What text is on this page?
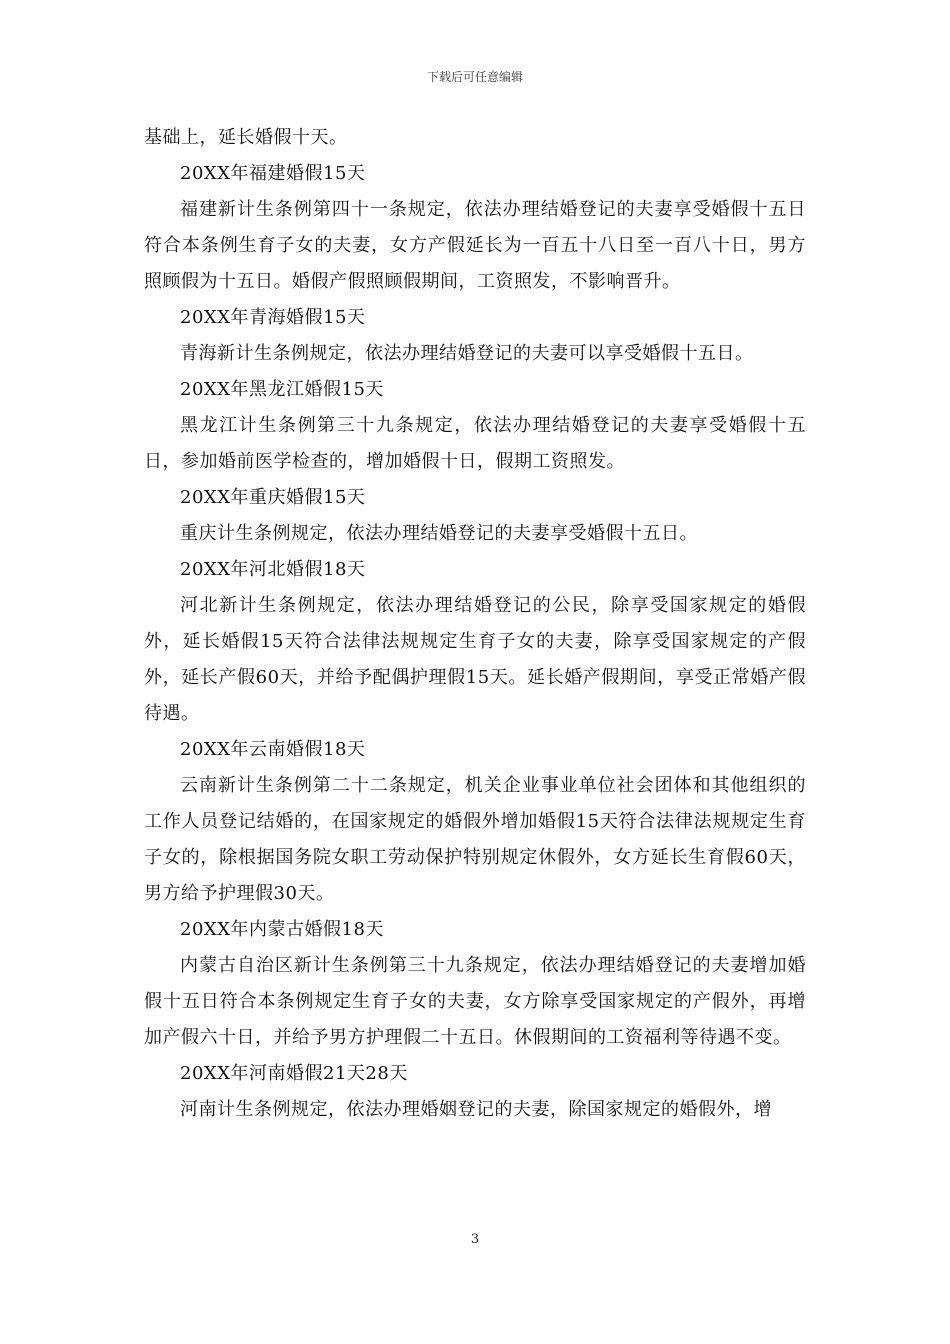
下载后可任意编辑

基础上，延长婚假十天。

20XX年福建婚假15天

福建新计生条例第四十一条规定，依法办理结婚登记的夫妻享受婚假十五日符合本条例生育子女的夫妻，女方产假延长为一百五十八日至一百八十日，男方照顾假为十五日。婚假产假照顾假期间，工资照发，不影响晋升。

20XX年青海婚假15天

青海新计生条例规定，依法办理结婚登记的夫妻可以享受婚假十五日。

20XX年黑龙江婚假15天

黑龙江计生条例第三十九条规定，依法办理结婚登记的夫妻享受婚假十五日，参加婚前医学检查的，增加婚假十日，假期工资照发。

20XX年重庆婚假15天

重庆计生条例规定，依法办理结婚登记的夫妻享受婚假十五日。

20XX年河北婚假18天

河北新计生条例规定，依法办理结婚登记的公民，除享受国家规定的婚假外，延长婚假15天符合法律法规规定生育子女的夫妻，除享受国家规定的产假外，延长产假60天，并给予配偶护理假15天。延长婚产假期间，享受正常婚产假待遇。

20XX年云南婚假18天

云南新计生条例第二十二条规定，机关企业事业单位社会团体和其他组织的工作人员登记结婚的，在国家规定的婚假外增加婚假15天符合法律法规规定生育子女的，除根据国务院女职工劳动保护特别规定休假外，女方延长生育假60天，男方给予护理假30天。

20XX年内蒙古婚假18天

内蒙古自治区新计生条例第三十九条规定，依法办理结婚登记的夫妻增加婚假十五日符合本条例规定生育子女的夫妻，女方除享受国家规定的产假外，再增加产假六十日，并给予男方护理假二十五日。休假期间的工资福利等待遇不变。

20XX年河南婚假21天28天

河南计生条例规定，依法办理婚姻登记的夫妻，除国家规定的婚假外，增

3
